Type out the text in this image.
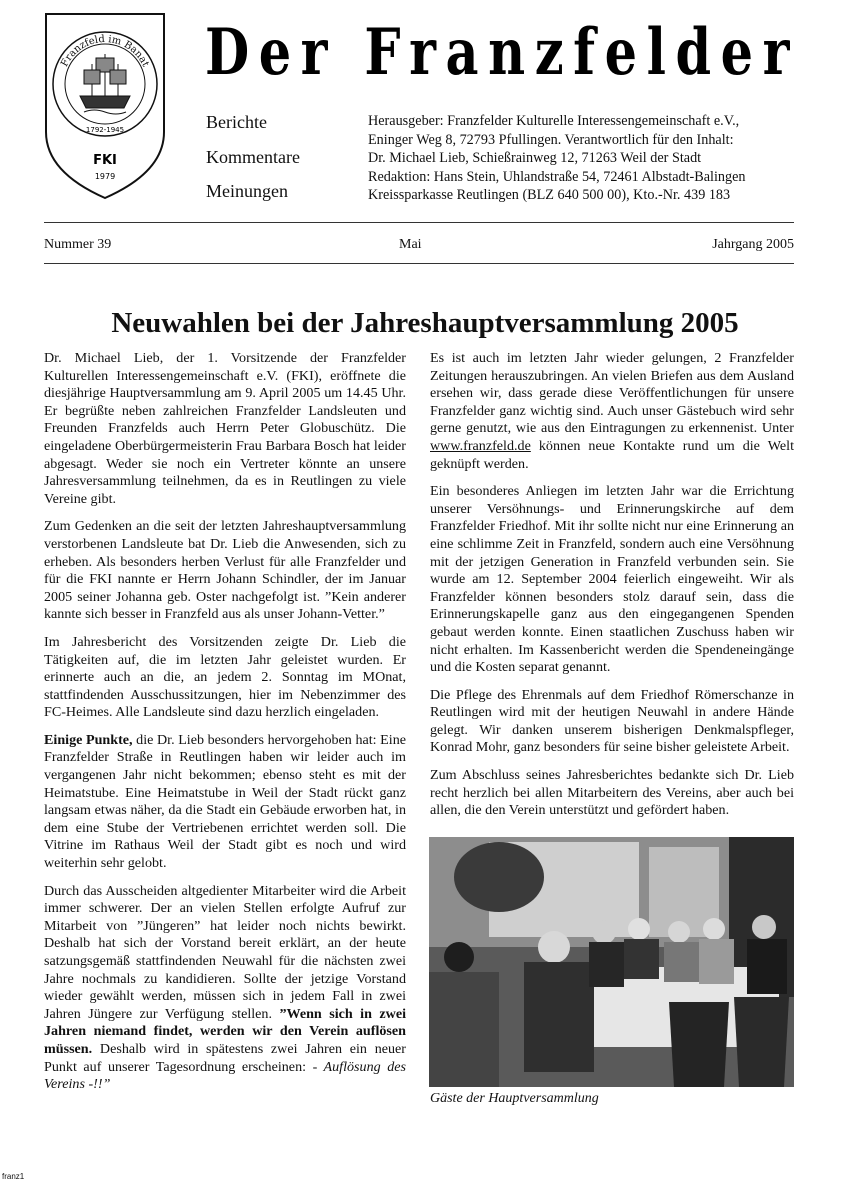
Franzfeld im Banat
1792-1945
FKI
1979
Der Franzfelder
Berichte
Kommentare
Meinungen
Herausgeber: Franzfelder Kulturelle Interessengemeinschaft e.V.,
Eninger Weg 8, 72793 Pfullingen. Verantwortlich für den Inhalt:
Dr. Michael Lieb, Schießrainweg 12, 71263 Weil der Stadt
Redaktion: Hans Stein, Uhlandstraße 54, 72461 Albstadt-Balingen
Kreissparkasse Reutlingen (BLZ 640 500 00), Kto.-Nr. 439 183
Nummer 39	Mai	Jahrgang 2005
Neuwahlen bei der Jahreshauptversammlung 2005

Dr. Michael Lieb, der 1. Vorsitzende der Franzfelder Kulturellen Interessengemeinschaft e.V. (FKI), eröffnete die diesjährige Hauptversammlung am 9. April 2005 um 14.45 Uhr. Er begrüßte neben zahlreichen Franzfelder Landsleuten und Freunden Franzfelds auch Herrn Peter Globuschütz. Die eingeladene Oberbürgermeisterin Frau Barbara Bosch hat leider abgesagt. Weder sie noch ein Vertreter könnte an unsere Jahresversammlung teilnehmen, da es in Reutlingen zu viele Vereine gibt.

Zum Gedenken an die seit der letzten Jahreshauptversammlung verstorbenen Landsleute bat Dr. Lieb die Anwesenden, sich zu erheben. Als besonders herben Verlust für alle Franzfelder und für die FKI nannte er Herrn Johann Schindler, der im Januar 2005 seiner Johanna geb. Oster nachgefolgt ist. ”Kein anderer kannte sich besser in Franzfeld aus als unser Johann-Vetter.”

Im Jahresbericht des Vorsitzenden zeigte Dr. Lieb die Tätigkeiten auf, die im letzten Jahr geleistet wurden. Er erinnerte auch an die, an jedem 2. Sonntag im MOnat, stattfindenden Ausschussitzungen, hier im Nebenzimmer des FC-Heimes. Alle Landsleute sind dazu herzlich eingeladen.

Einige Punkte, die Dr. Lieb besonders hervorgehoben hat: Eine Franzfelder Straße in Reutlingen haben wir leider auch im vergangenen Jahr nicht bekommen; ebenso steht es mit der Heimatstube. Eine Heimatstube in Weil der Stadt rückt ganz langsam etwas näher, da die Stadt ein Gebäude erworben hat, in dem eine Stube der Vertriebenen errichtet werden soll. Die Vitrine im Rathaus Weil der Stadt gibt es noch und wird weiterhin sehr gelobt.

Durch das Ausscheiden altgedienter Mitarbeiter wird die Arbeit immer schwerer. Der an vielen Stellen erfolgte Aufruf zur Mitarbeit von ”Jüngeren” hat leider noch nichts bewirkt. Deshalb hat sich der Vorstand bereit erklärt, an der heute satzungsgemäß stattfindenden Neuwahl für die nächsten zwei Jahre nochmals zu kandidieren. Sollte der jetzige Vorstand wieder gewählt werden, müssen sich in jedem Fall in zwei Jahren Jüngere zur Verfügung stellen. ”Wenn sich in zwei Jahren niemand findet, werden wir den Verein auflösen müssen. Deshalb wird in spätestens zwei Jahren ein neuer Punkt auf unserer Tagesordnung erscheinen: - Auflösung des Vereins -!!”

Es ist auch im letzten Jahr wieder gelungen, 2 Franzfelder Zeitungen herauszubringen. An vielen Briefen aus dem Ausland ersehen wir, dass gerade diese Veröffentlichungen für unsere Franzfelder ganz wichtig sind. Auch unser Gästebuch wird sehr gerne genutzt, wie aus den Eintragungen zu erkennenist. Unter www.franzfeld.de können neue Kontakte rund um die Welt geknüpft werden.

Ein besonderes Anliegen im letzten Jahr war die Errichtung unserer Versöhnungs- und Erinnerungskirche auf dem Franzfelder Friedhof. Mit ihr sollte nicht nur eine Erinnerung an eine schlimme Zeit in Franzfeld, sondern auch eine Versöhnung mit der jetzigen Generation in Franzfeld verbunden sein. Sie wurde am 12. September 2004 feierlich eingeweiht. Wir als Franzfelder können besonders stolz darauf sein, dass die Erinnerungskapelle ganz aus den eingegangenen Spenden gebaut werden konnte. Einen staatlichen Zuschuss haben wir nicht erhalten. Im Kassenbericht werden die Spendeneingänge und die Kosten separat genannt.

Die Pflege des Ehrenmals auf dem Friedhof Römerschanze in Reutlingen wird mit der heutigen Neuwahl in andere Hände gelegt. Wir danken unserem bisherigen Denkmalspfleger, Konrad Mohr, ganz besonders für seine bisher geleistete Arbeit.

Zum Abschluss seines Jahresberichtes bedankte sich Dr. Lieb recht herzlich bei allen Mitarbeitern des Vereins, aber auch bei allen, die den Verein unterstützt und gefördert haben.

Gäste der Hauptversammlung
franz1
